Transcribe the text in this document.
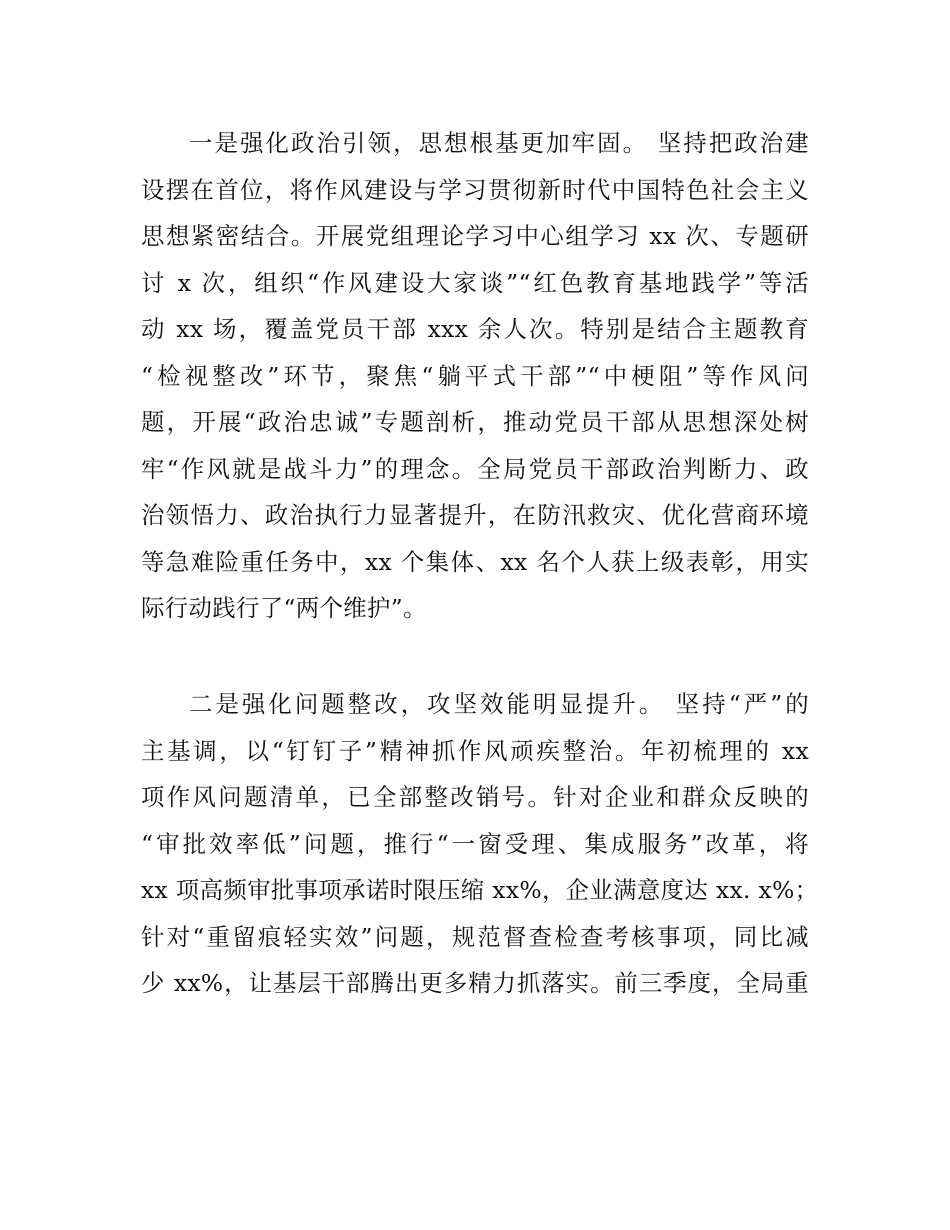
一是强化政治引领，思想根基更加牢固。 坚持把政治建
设摆在首位，将作风建设与学习贯彻新时代中国特色社会主义
思想紧密结合。开展党组理论学习中心组学习 xx 次、专题研
讨 x 次，组织“作风建设大家谈”“红色教育基地践学”等活
动 xx 场，覆盖党员干部 xxx 余人次。特别是结合主题教育
“检视整改”环节，聚焦“躺平式干部”“中梗阻”等作风问
题，开展“政治忠诚”专题剖析，推动党员干部从思想深处树
牢“作风就是战斗力”的理念。全局党员干部政治判断力、政
治领悟力、政治执行力显著提升，在防汛救灾、优化营商环境
等急难险重任务中，xx 个集体、xx 名个人获上级表彰，用实
际行动践行了“两个维护”。
二是强化问题整改，攻坚效能明显提升。 坚持“严”的
主基调，以“钉钉子”精神抓作风顽疾整治。年初梳理的 xx
项作风问题清单，已全部整改销号。针对企业和群众反映的
“审批效率低”问题，推行“一窗受理、集成服务”改革，将
xx 项高频审批事项承诺时限压缩 xx%，企业满意度达 xx. x%；
针对“重留痕轻实效”问题，规范督查检查考核事项，同比减
少 xx%，让基层干部腾出更多精力抓落实。前三季度，全局重
